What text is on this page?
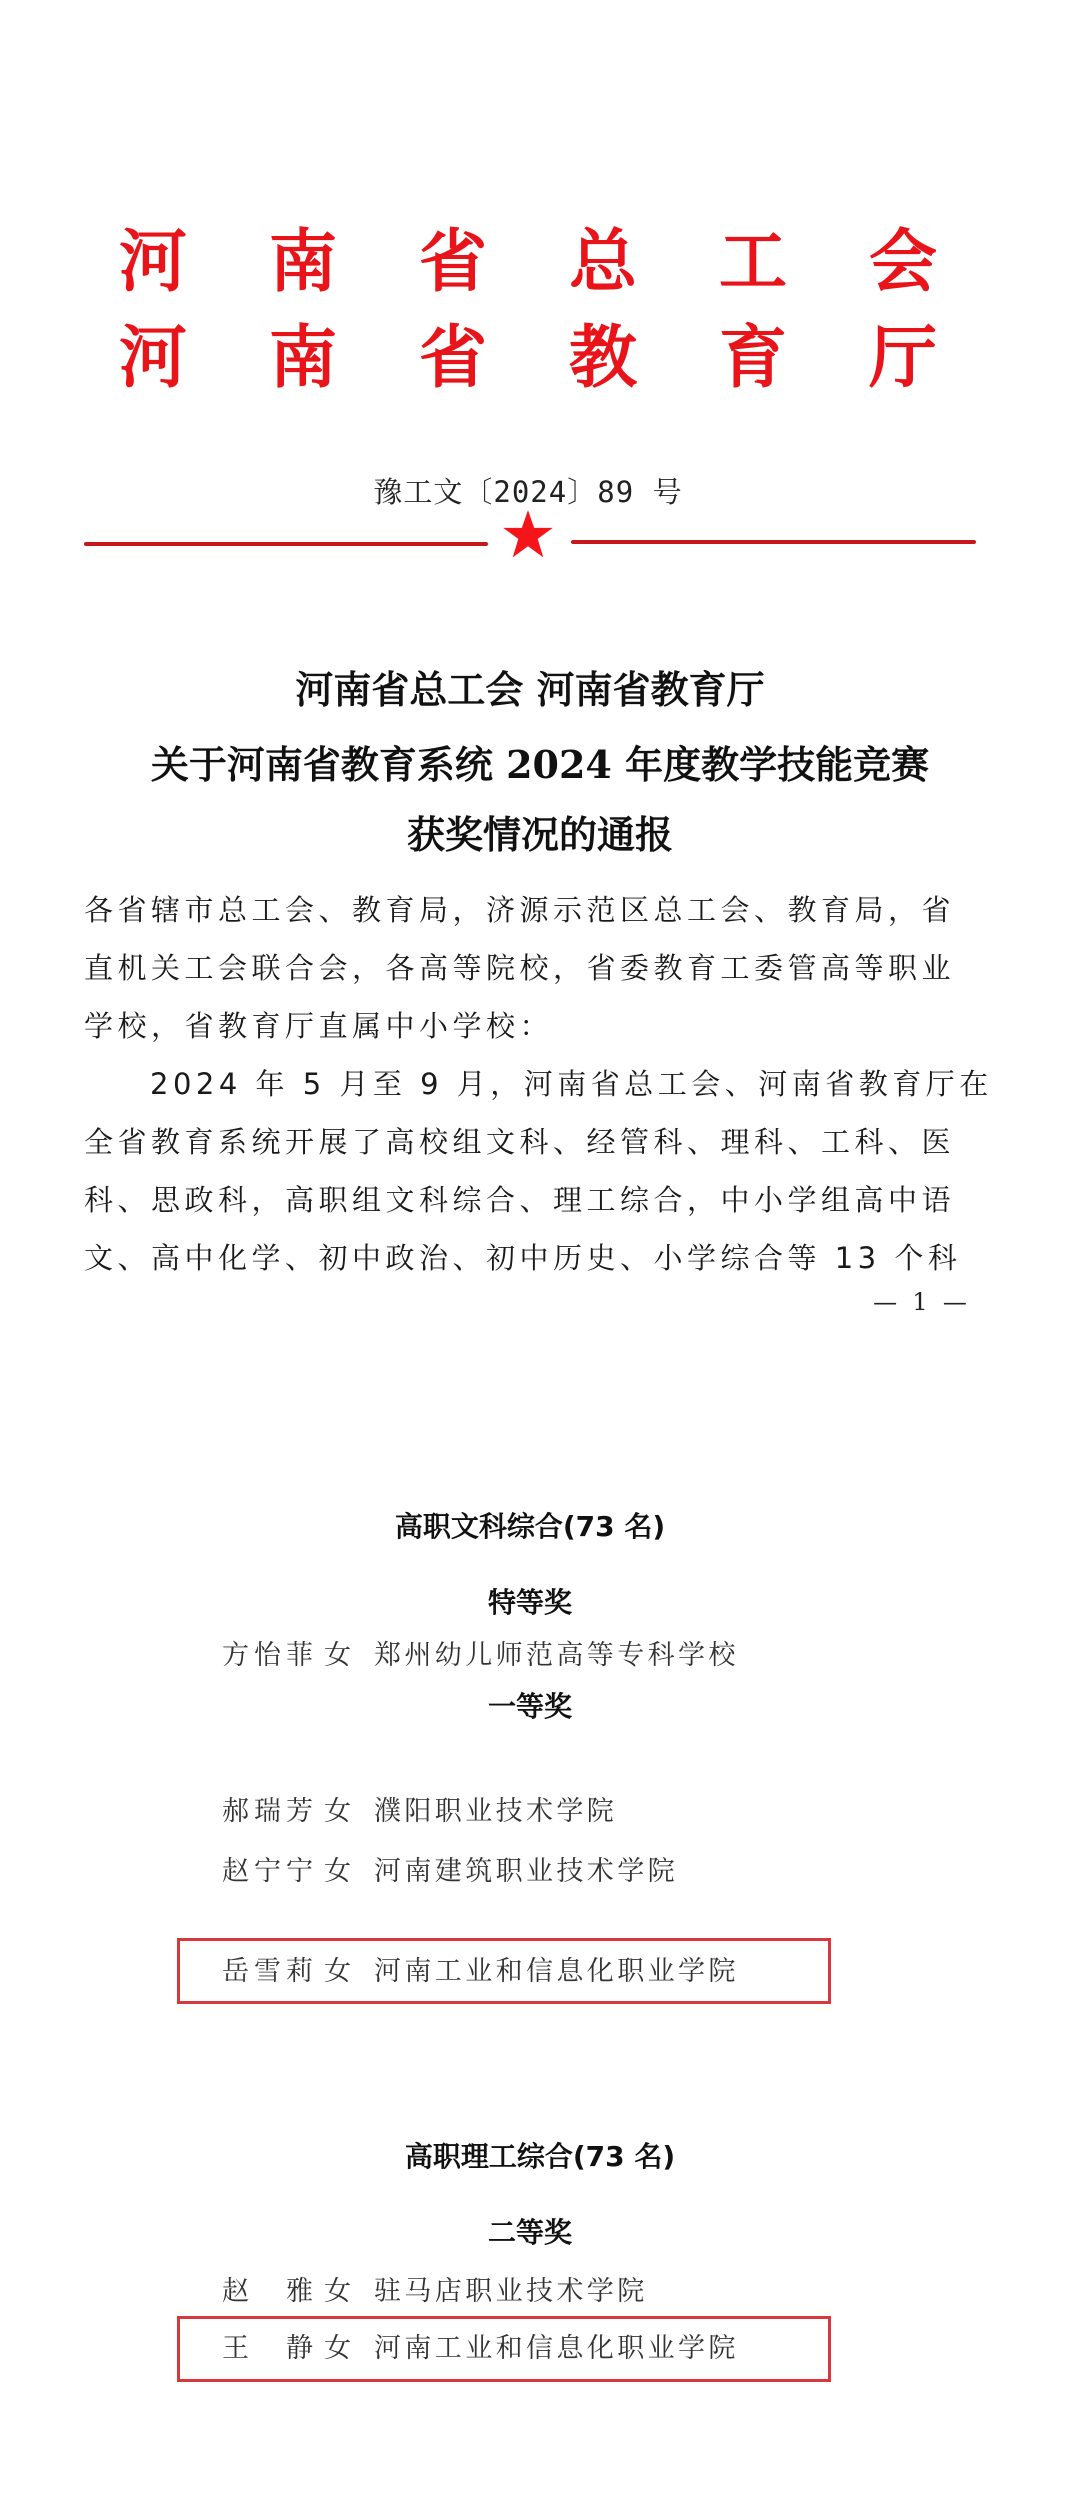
河 南 省 总 工 会
河 南 省 教 育 厅
豫工文〔2024〕89 号
河南省总工会 河南省教育厅
关于河南省教育系统 2024 年度教学技能竞赛
获奖情况的通报
各省辖市总工会、教育局，济源示范区总工会、教育局，省
直机关工会联合会，各高等院校，省委教育工委管高等职业
学校，省教育厅直属中小学校：
2024 年 5 月至 9 月，河南省总工会、河南省教育厅在
全省教育系统开展了高校组文科、经管科、理科、工科、医
科、思政科，高职组文科综合、理工综合，中小学组高中语
文、高中化学、初中政治、初中历史、小学综合等 13 个科
—  1  —
高职文科综合(73 名)
特等奖
方怡菲 女 郑州幼儿师范高等专科学校
一等奖
郝瑞芳 女 濮阳职业技术学院
赵宁宁 女 河南建筑职业技术学院
岳雪莉 女 河南工业和信息化职业学院
高职理工综合(73 名)
二等奖
赵　雅 女 驻马店职业技术学院
王　静 女 河南工业和信息化职业学院
